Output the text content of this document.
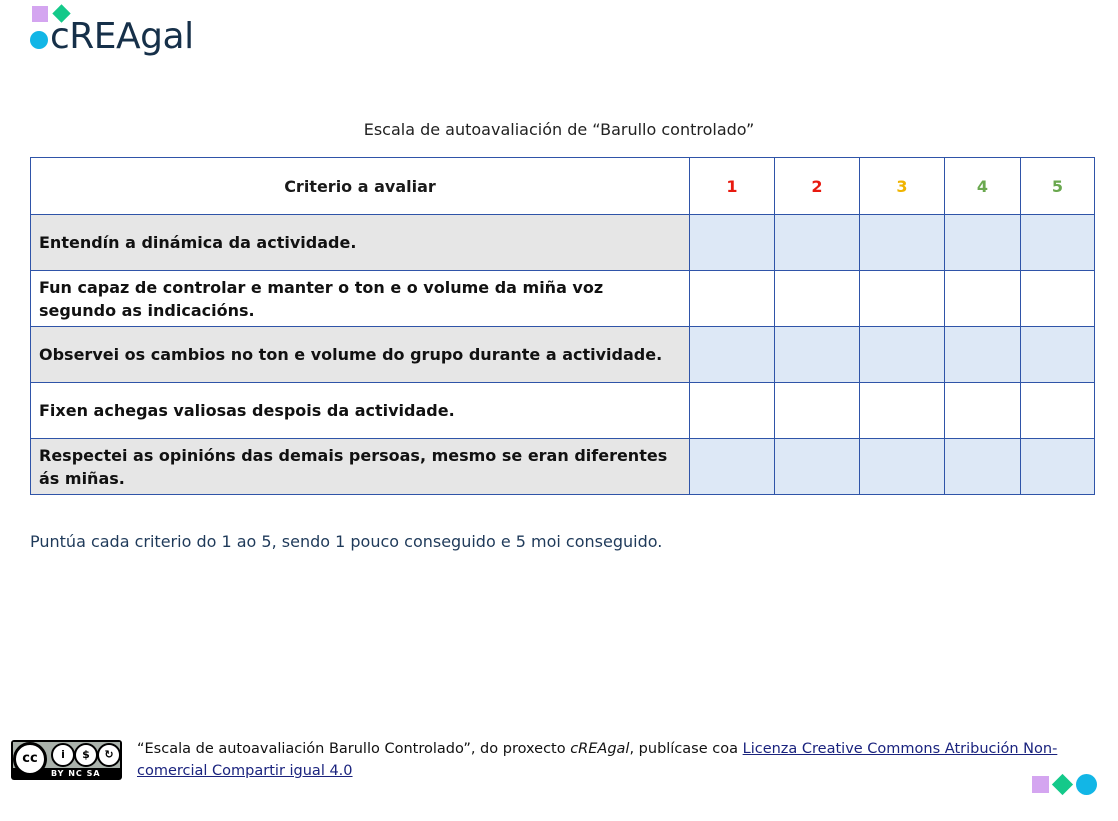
cREAgal
Escala de autoavaliación de “Barullo controlado”
Criterio a avaliar	1	2	3	4	5
Entendín a dinámica da actividade.					
Fun capaz de controlar e manter o ton e o volume da miña voz segundo as indicacións.					
Observei os cambios no ton e volume do grupo durante a actividade.					
Fixen achegas valiosas despois da actividade.					
Respectei as opinións das demais persoas, mesmo se eran diferentes ás miñas.					
Puntúa cada criterio do 1 ao 5, sendo 1 pouco conseguido e 5 moi conseguido.
cc	i	$	↻
BY NC SA
“Escala de autoavaliación Barullo Controlado”, do proxecto cREAgal, publícase coa Licenza Creative Commons Atribución Non-comercial Compartir igual 4.0
